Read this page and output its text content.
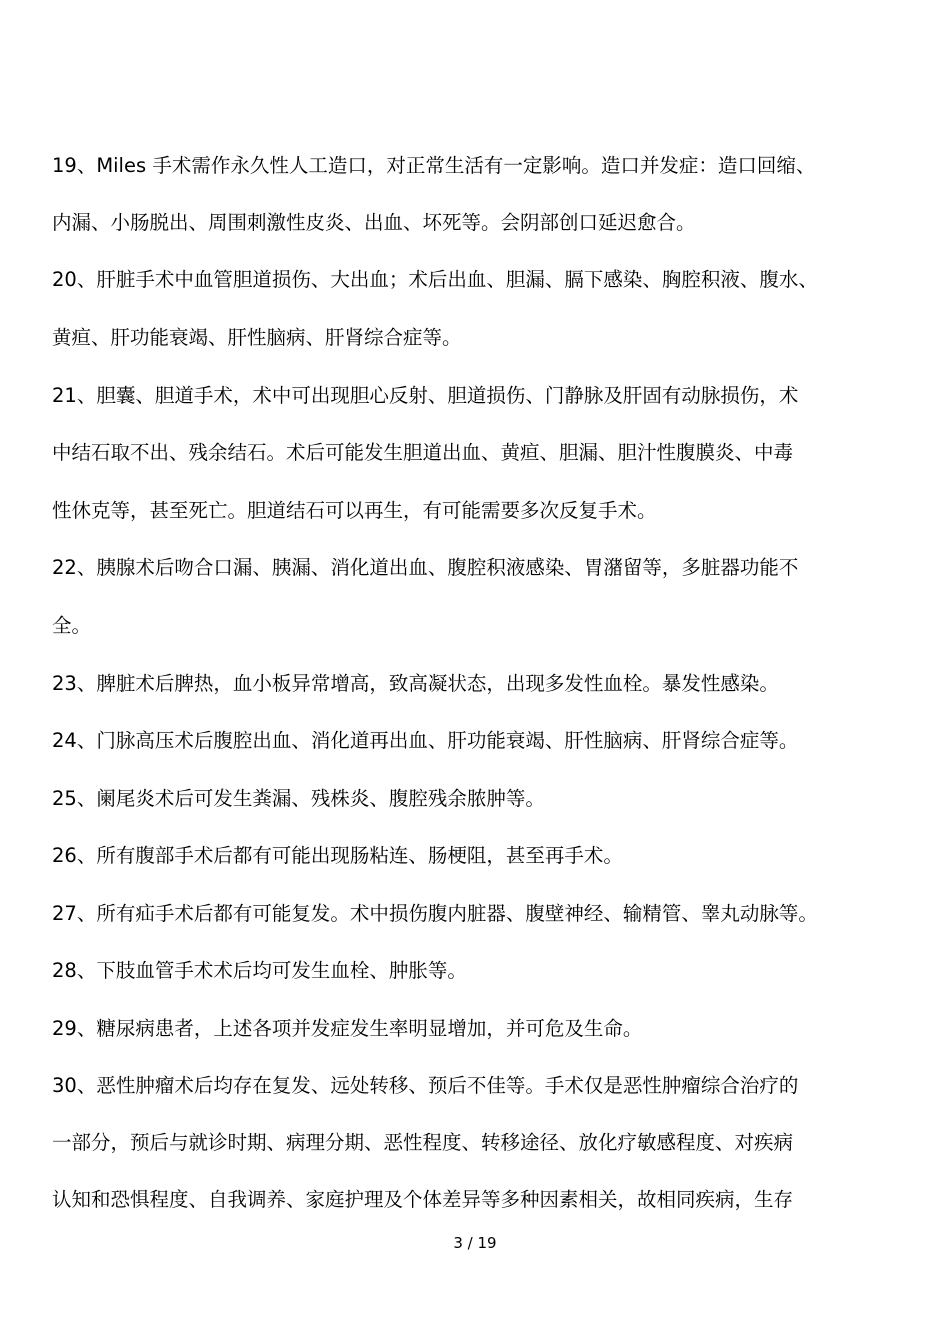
19、Miles 手术需作永久性人工造口，对正常生活有一定影响。造口并发症：造口回缩、
内漏、小肠脱出、周围刺激性皮炎、出血、坏死等。会阴部创口延迟愈合。
20、肝脏手术中血管胆道损伤、大出血；术后出血、胆漏、膈下感染、胸腔积液、腹水、
黄疸、肝功能衰竭、肝性脑病、肝肾综合症等。
21、胆囊、胆道手术，术中可出现胆心反射、胆道损伤、门静脉及肝固有动脉损伤，术
中结石取不出、残余结石。术后可能发生胆道出血、黄疸、胆漏、胆汁性腹膜炎、中毒
性休克等，甚至死亡。胆道结石可以再生，有可能需要多次反复手术。
22、胰腺术后吻合口漏、胰漏、消化道出血、腹腔积液感染、胃潴留等，多脏器功能不
全。
23、脾脏术后脾热，血小板异常增高，致高凝状态，出现多发性血栓。暴发性感染。
24、门脉高压术后腹腔出血、消化道再出血、肝功能衰竭、肝性脑病、肝肾综合症等。
25、阑尾炎术后可发生粪漏、残株炎、腹腔残余脓肿等。
26、所有腹部手术后都有可能出现肠粘连、肠梗阻，甚至再手术。
27、所有疝手术后都有可能复发。术中损伤腹内脏器、腹壁神经、输精管、睾丸动脉等。
28、下肢血管手术术后均可发生血栓、肿胀等。
29、糖尿病患者，上述各项并发症发生率明显增加，并可危及生命。
30、恶性肿瘤术后均存在复发、远处转移、预后不佳等。手术仅是恶性肿瘤综合治疗的
一部分，预后与就诊时期、病理分期、恶性程度、转移途径、放化疗敏感程度、对疾病
认知和恐惧程度、自我调养、家庭护理及个体差异等多种因素相关，故相同疾病，生存
3 / 19
